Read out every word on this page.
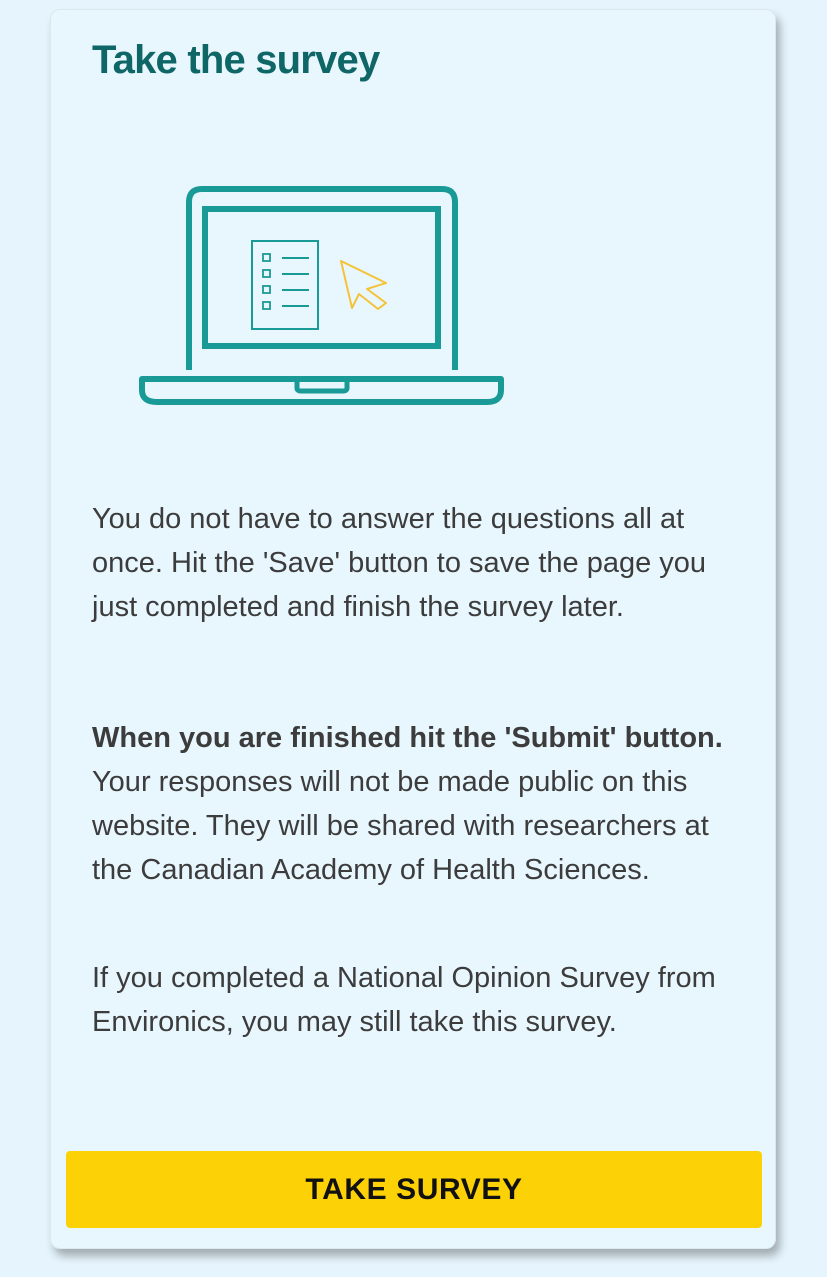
Take the survey

You do not have to answer the questions all at once. Hit the 'Save' button to save the page you just completed and finish the survey later.

When you are finished hit the 'Submit' button. Your responses will not be made public on this website. They will be shared with researchers at the Canadian Academy of Health Sciences.

If you completed a National Opinion Survey from Environics, you may still take this survey.

TAKE SURVEY
